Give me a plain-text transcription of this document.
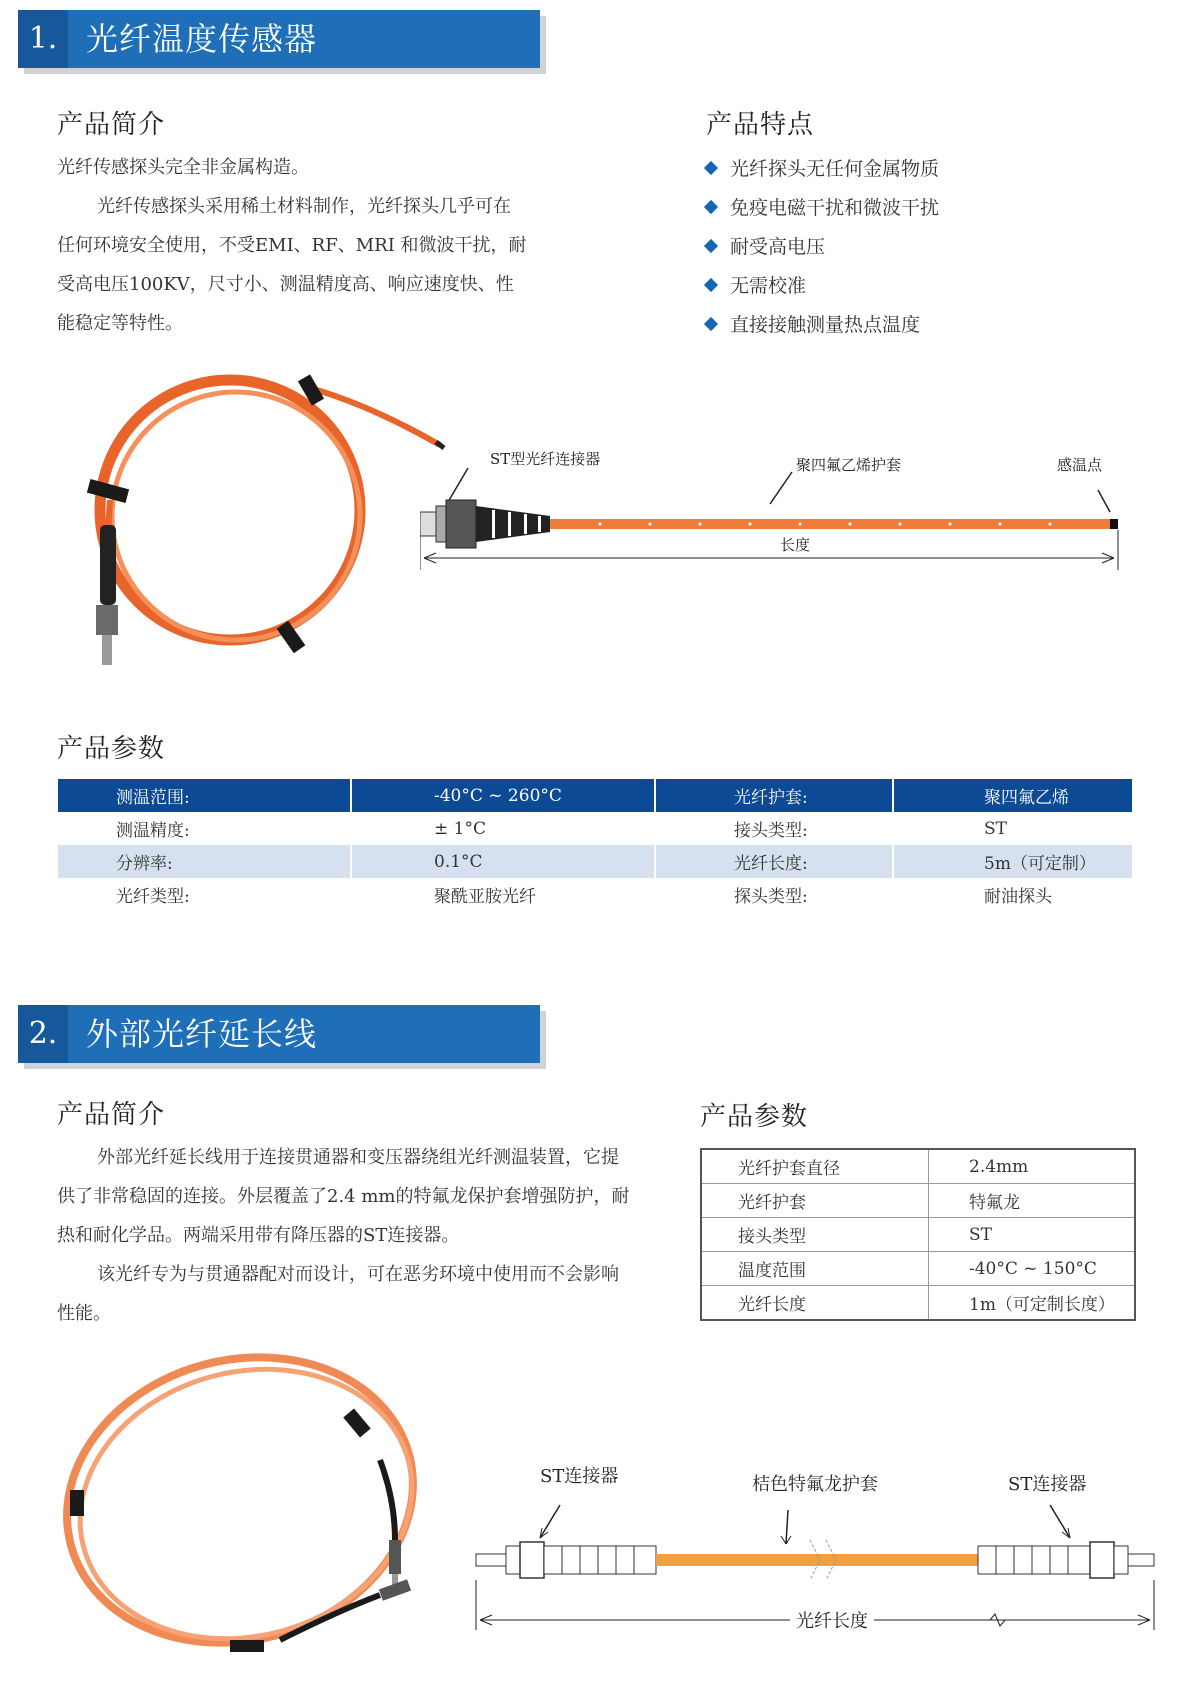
1. 光纤温度传感器
产品简介

光纤传感探头完全非金属构造。

光纤传感探头采用稀土材料制作，光纤探头几乎可在

任何环境安全使用，不受EMI、RF、MRI 和微波干扰，耐

受高电压100KV，尺寸小、测温精度高、响应速度快、性

能稳定等特性。

产品特点
光纤探头无任何金属物质
免疫电磁干扰和微波干扰
耐受高电压
无需校准
直接接触测量热点温度
ST型光纤连接器	聚四氟乙烯护套	感温点
长度
产品参数
测温范围:	-40°C ~ 260°C	光纤护套:	聚四氟乙烯
测温精度:	± 1°C	接头类型:	ST
分辨率:	0.1°C	光纤长度:	5m（可定制）
光纤类型:	聚酰亚胺光纤	探头类型:	耐油探头
2. 外部光纤延长线
产品简介

外部光纤延长线用于连接贯通器和变压器绕组光纤测温装置，它提

供了非常稳固的连接。外层覆盖了2.4 mm的特氟龙保护套增强防护，耐

热和耐化学品。两端采用带有降压器的ST连接器。

该光纤专为与贯通器配对而设计，可在恶劣环境中使用而不会影响

性能。

产品参数
光纤护套直径	2.4mm
光纤护套	特氟龙
接头类型	ST
温度范围	-40°C ~ 150°C
光纤长度	1m（可定制长度）
ST连接器	桔色特氟龙护套	ST连接器
光纤长度
